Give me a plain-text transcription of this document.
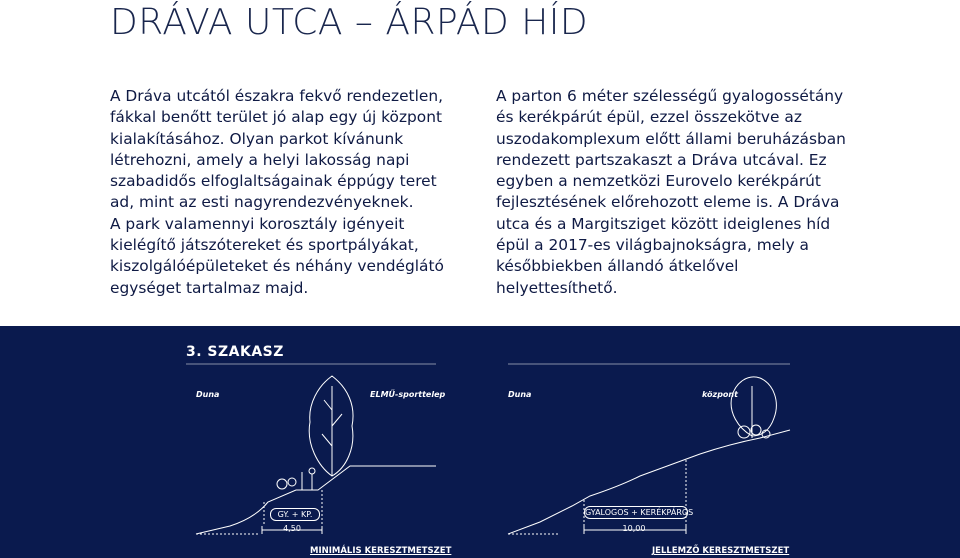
DRÁVA UTCA – ÁRPÁD HÍD

A Dráva utcától északra fekvő rendezetlen, fákkal benőtt terület jó alap egy új központ kialakításához. Olyan parkot kívánunk létrehozni, amely a helyi lakosság napi szabadidős elfoglaltságainak éppúgy teret ad, mint az esti nagyrendezvényeknek.

A park valamennyi korosztály igényeit kielégítő játszótereket és sportpályákat, kiszolgálóépületeket és néhány vendéglátó egységet tartalmaz majd.

A parton 6 méter szélességű gyalogossétány és kerékpárút épül, ezzel összekötve az uszodakomplexum előtt állami beruházásban rendezett partszakaszt a Dráva utcával. Ez egyben a nemzetközi Eurovelo kerékpárút fejlesztésének előrehozott eleme is. A Dráva utca és a Margitsziget között ideiglenes híd épül a 2017-es világbajnokságra, mely a későbbiekben állandó átkelővel helyettesíthető.

3. SZAKASZ
Duna	ELMŰ-sporttelep
GY. + KP.
4,50
MINIMÁLIS KERESZTMETSZET
Duna	központ
GYALOGOS + KERÉKPÁROS
10,00
JELLEMZŐ KERESZTMETSZET
